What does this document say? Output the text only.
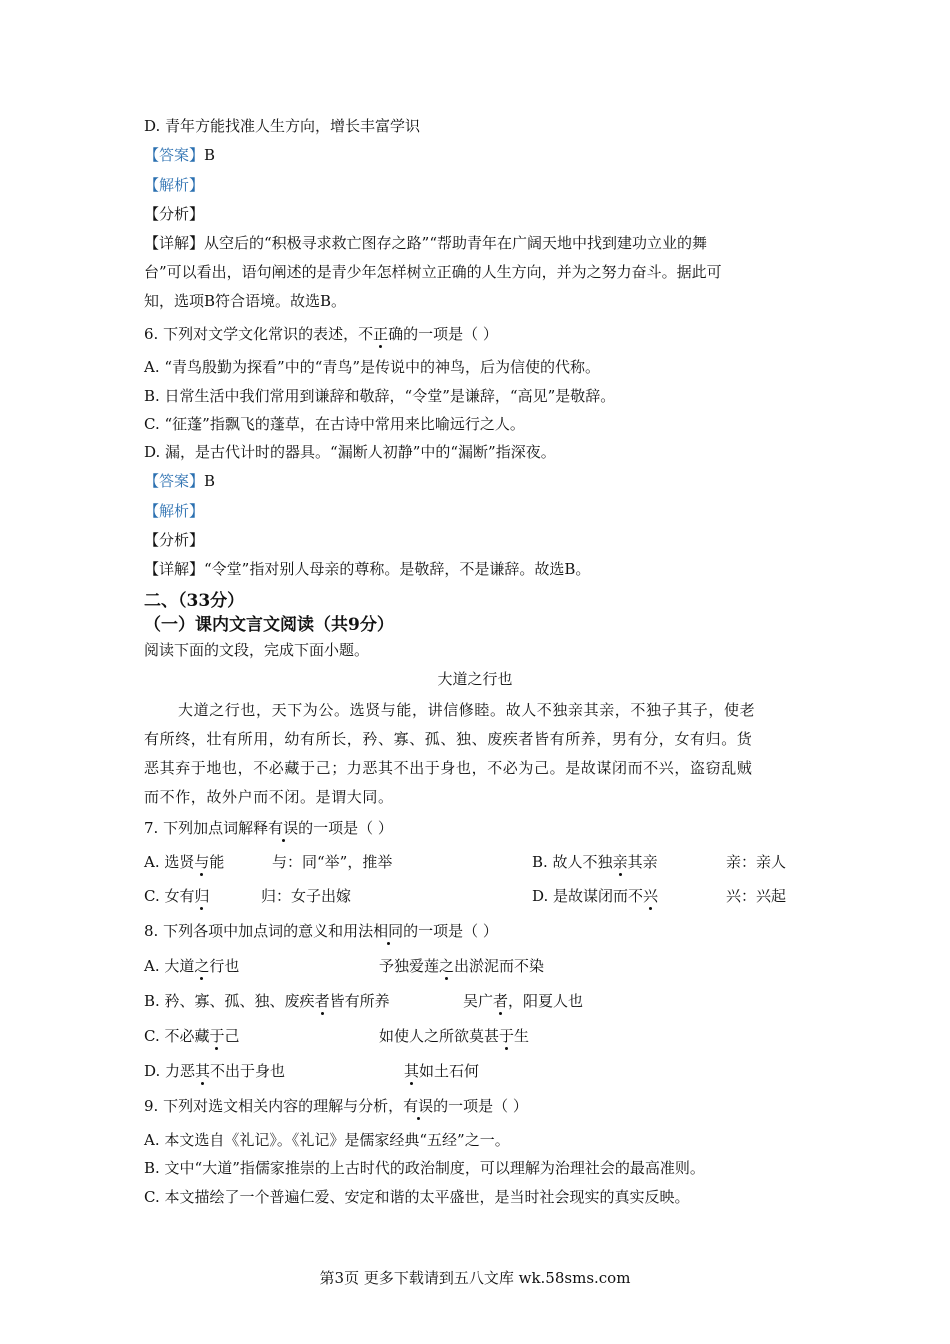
D. 青年方能找准人生方向，增长丰富学识
【答案】B
【解析】
【分析】
【详解】从空后的“积极寻求救亡图存之路”“帮助青年在广阔天地中找到建功立业的舞
台”可以看出，语句阐述的是青少年怎样树立正确的人生方向，并为之努力奋斗。据此可
知，选项B符合语境。故选B。
6. 下列对文学文化常识的表述，不正确的一项是（ ）
A. “青鸟殷勤为探看”中的“青鸟”是传说中的神鸟，后为信使的代称。
B. 日常生活中我们常用到谦辞和敬辞，“令堂”是谦辞，“高见”是敬辞。
C. “征蓬”指飘飞的蓬草，在古诗中常用来比喻远行之人。
D. 漏，是古代计时的器具。“漏断人初静”中的“漏断”指深夜。
【答案】B
【解析】
【分析】
【详解】“令堂”指对别人母亲的尊称。是敬辞，不是谦辞。故选B。
二、（33分）
（一）课内文言文阅读（共9分）
阅读下面的文段，完成下面小题。
大道之行也
大道之行也，天下为公。选贤与能，讲信修睦。故人不独亲其亲，不独子其子，使老
有所终，壮有所用，幼有所长，矜、寡、孤、独、废疾者皆有所养，男有分，女有归。货
恶其弃于地也，不必藏于己；力恶其不出于身也，不必为己。是故谋闭而不兴，盗窃乱贼
而不作，故外户而不闭。是谓大同。
7. 下列加点词解释有误的一项是（ ）
A. 选贤与能	与：同“举”，推举	B. 故人不独亲其亲	亲：亲人
C. 女有归	归：女子出嫁	D. 是故谋闭而不兴	兴：兴起
8. 下列各项中加点词的意义和用法相同的一项是（ ）
A. 大道之行也	予独爱莲之出淤泥而不染
B. 矜、寡、孤、独、废疾者皆有所养	吴广者，阳夏人也
C. 不必藏于己	如使人之所欲莫甚于生
D. 力恶其不出于身也	其如土石何
9. 下列对选文相关内容的理解与分析，有误的一项是（ ）
A. 本文选自《礼记》。《礼记》是儒家经典“五经”之一。
B. 文中“大道”指儒家推崇的上古时代的政治制度，可以理解为治理社会的最高准则。
C. 本文描绘了一个普遍仁爱、安定和谐的太平盛世，是当时社会现实的真实反映。
第3页 更多下载请到五八文库 wk.58sms.com
